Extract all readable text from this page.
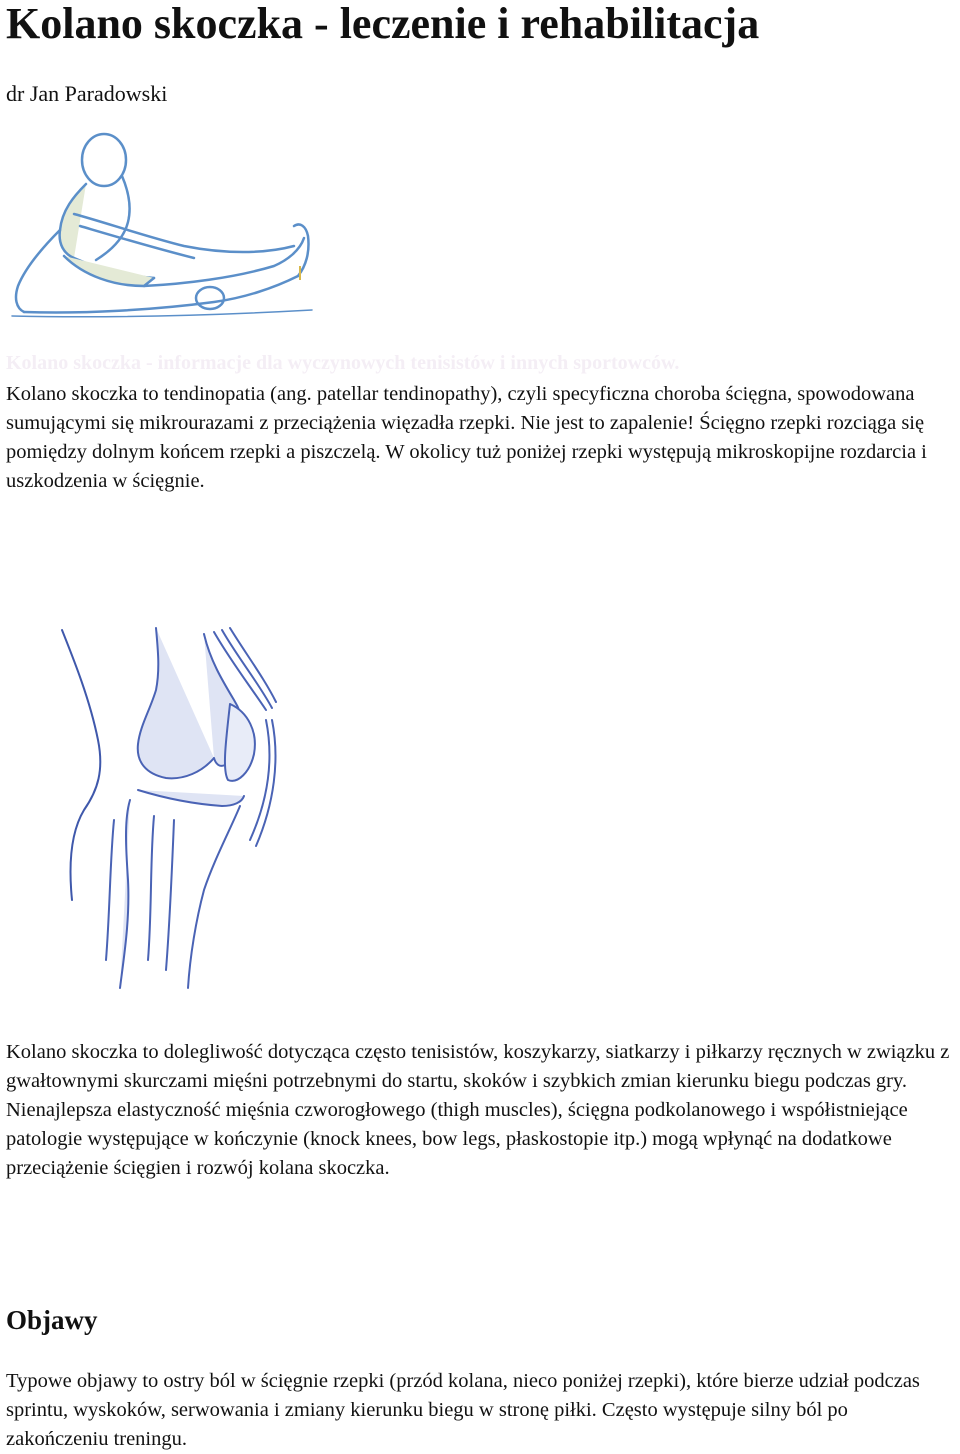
Kolano skoczka - leczenie i rehabilitacja
dr Jan Paradowski
Kolano skoczka - informacje dla wyczynowych tenisistów i innych sportowców.

Kolano skoczka to tendinopatia (ang. patellar tendinopathy), czyli specyficzna choroba ścięgna, spowodowana sumującymi się mikrourazami z przeciążenia więzadła rzepki. Nie jest to zapalenie! Ścięgno rzepki rozciąga się pomiędzy dolnym końcem rzepki a piszczelą. W okolicy tuż poniżej rzepki występują mikroskopijne rozdarcia i uszkodzenia w ścięgnie.

Kolano skoczka to dolegliwość dotycząca często tenisistów, koszykarzy, siatkarzy i piłkarzy ręcznych w związku z gwałtownymi skurczami mięśni potrzebnymi do startu, skoków i szybkich zmian kierunku biegu podczas gry. Nienajlepsza elastyczność mięśnia czworogłowego (thigh muscles), ścięgna podkolanowego i współistniejące patologie występujące w kończynie (knock knees, bow legs, płaskostopie itp.) mogą wpłynąć na dodatkowe przeciążenie ścięgien i rozwój kolana skoczka.

Objawy

Typowe objawy to ostry ból w ścięgnie rzepki (przód kolana, nieco poniżej rzepki), które bierze udział podczas sprintu, wyskoków, serwowania i zmiany kierunku biegu w stronę piłki. Często występuje silny ból po zakończeniu treningu.
